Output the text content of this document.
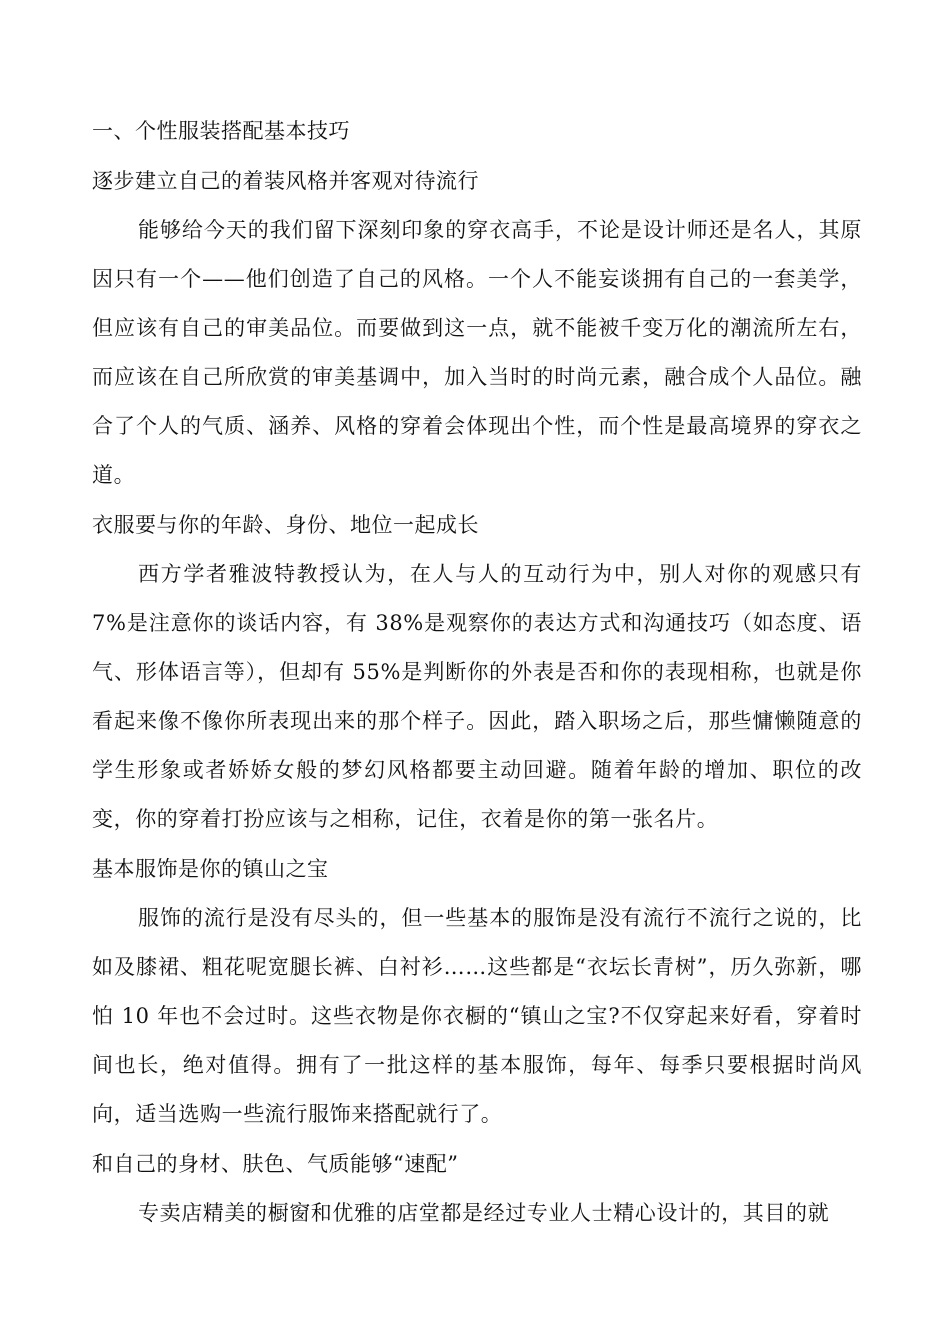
一、个性服装搭配基本技巧
逐步建立自己的着装风格并客观对待流行
能够给今天的我们留下深刻印象的穿衣高手，不论是设计师还是名人，其原因只有一个——他们创造了自己的风格。一个人不能妄谈拥有自己的一套美学，但应该有自己的审美品位。而要做到这一点，就不能被千变万化的潮流所左右，而应该在自己所欣赏的审美基调中，加入当时的时尚元素，融合成个人品位。融合了个人的气质、涵养、风格的穿着会体现出个性，而个性是最高境界的穿衣之道。
衣服要与你的年龄、身份、地位一起成长
西方学者雅波特教授认为，在人与人的互动行为中，别人对你的观感只有7%是注意你的谈话内容，有 38%是观察你的表达方式和沟通技巧（如态度、语气、形体语言等），但却有 55%是判断你的外表是否和你的表现相称，也就是你看起来像不像你所表现出来的那个样子。因此，踏入职场之后，那些慵懒随意的学生形象或者娇娇女般的梦幻风格都要主动回避。随着年龄的增加、职位的改变，你的穿着打扮应该与之相称，记住，衣着是你的第一张名片。
基本服饰是你的镇山之宝
服饰的流行是没有尽头的，但一些基本的服饰是没有流行不流行之说的，比如及膝裙、粗花呢宽腿长裤、白衬衫……这些都是“衣坛长青树”，历久弥新，哪怕 10 年也不会过时。这些衣物是你衣橱的“镇山之宝?不仅穿起来好看，穿着时间也长，绝对值得。拥有了一批这样的基本服饰，每年、每季只要根据时尚风向，适当选购一些流行服饰来搭配就行了。
和自己的身材、肤色、气质能够“速配”
专卖店精美的橱窗和优雅的店堂都是经过专业人士精心设计的，其目的就
